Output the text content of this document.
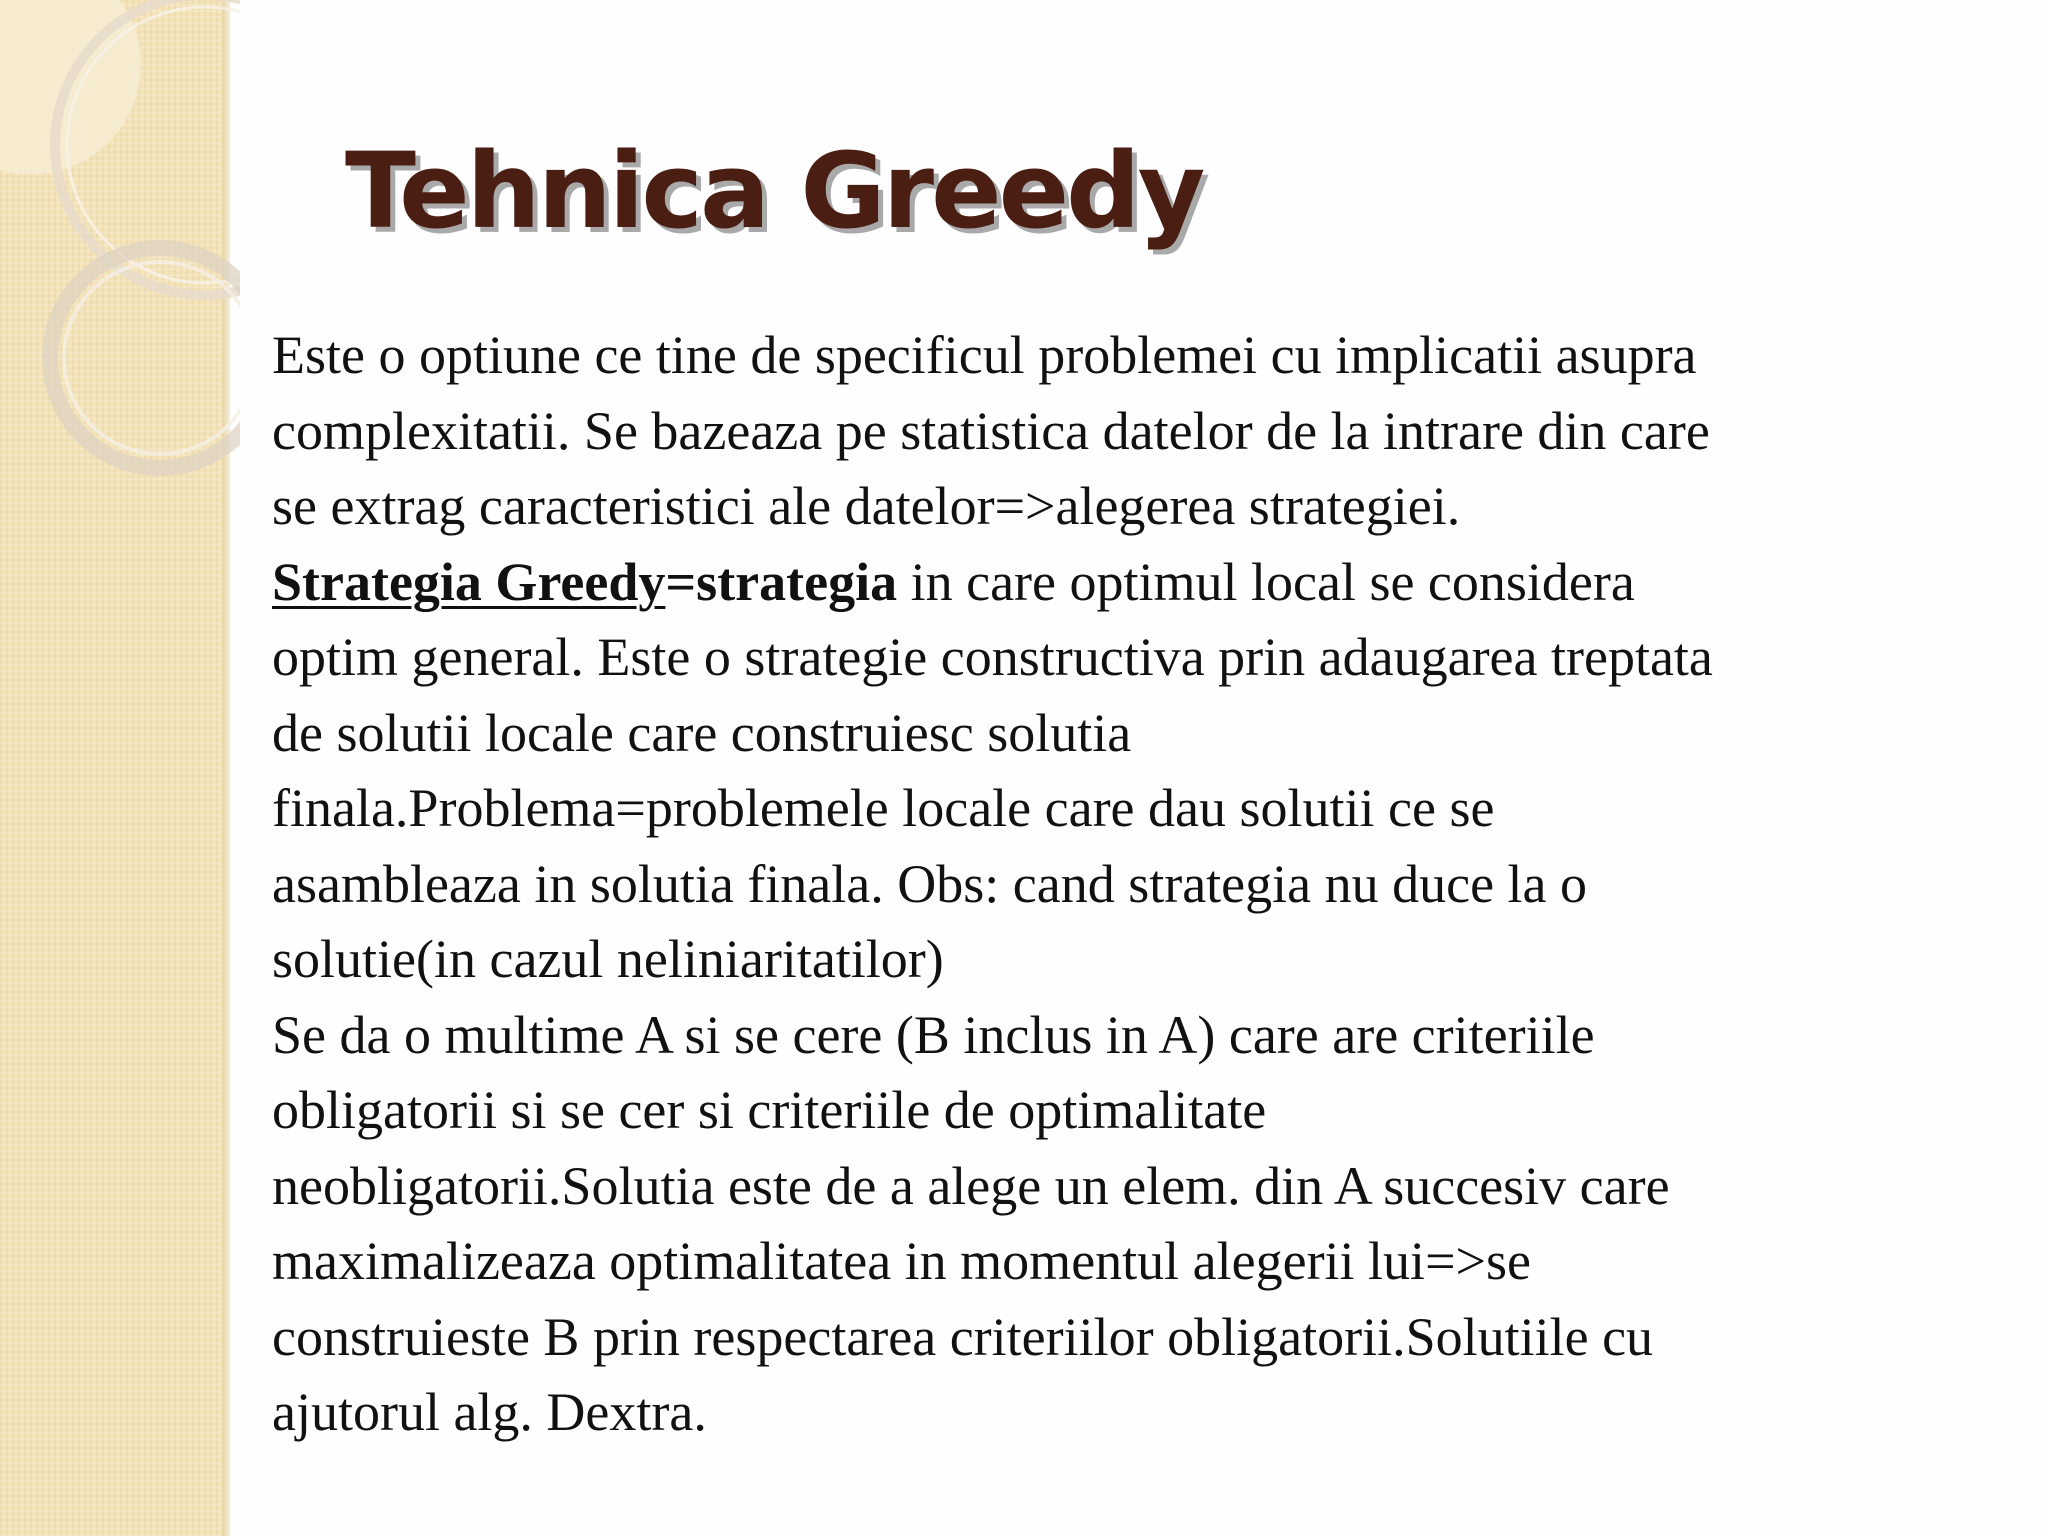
Tehnica Greedy
Este o optiune ce tine de specificul problemei cu implicatii asupra
complexitatii. Se bazeaza pe statistica datelor de la intrare din care
se extrag caracteristici ale datelor=>alegerea strategiei.
Strategia Greedy=strategia in care optimul local se considera
optim general. Este o strategie constructiva prin adaugarea treptata
de solutii locale care construiesc solutia
finala.Problema=problemele locale care dau solutii ce se
asambleaza in solutia finala. Obs: cand strategia nu duce la o
solutie(in cazul neliniaritatilor)
Se da o multime A si se cere (B inclus in A) care are criteriile
obligatorii si se cer si criteriile de optimalitate
neobligatorii.Solutia este de a alege un elem. din A succesiv care
maximalizeaza optimalitatea in momentul alegerii lui=>se
construieste B prin respectarea criteriilor obligatorii.Solutiile cu
ajutorul alg. Dextra.
